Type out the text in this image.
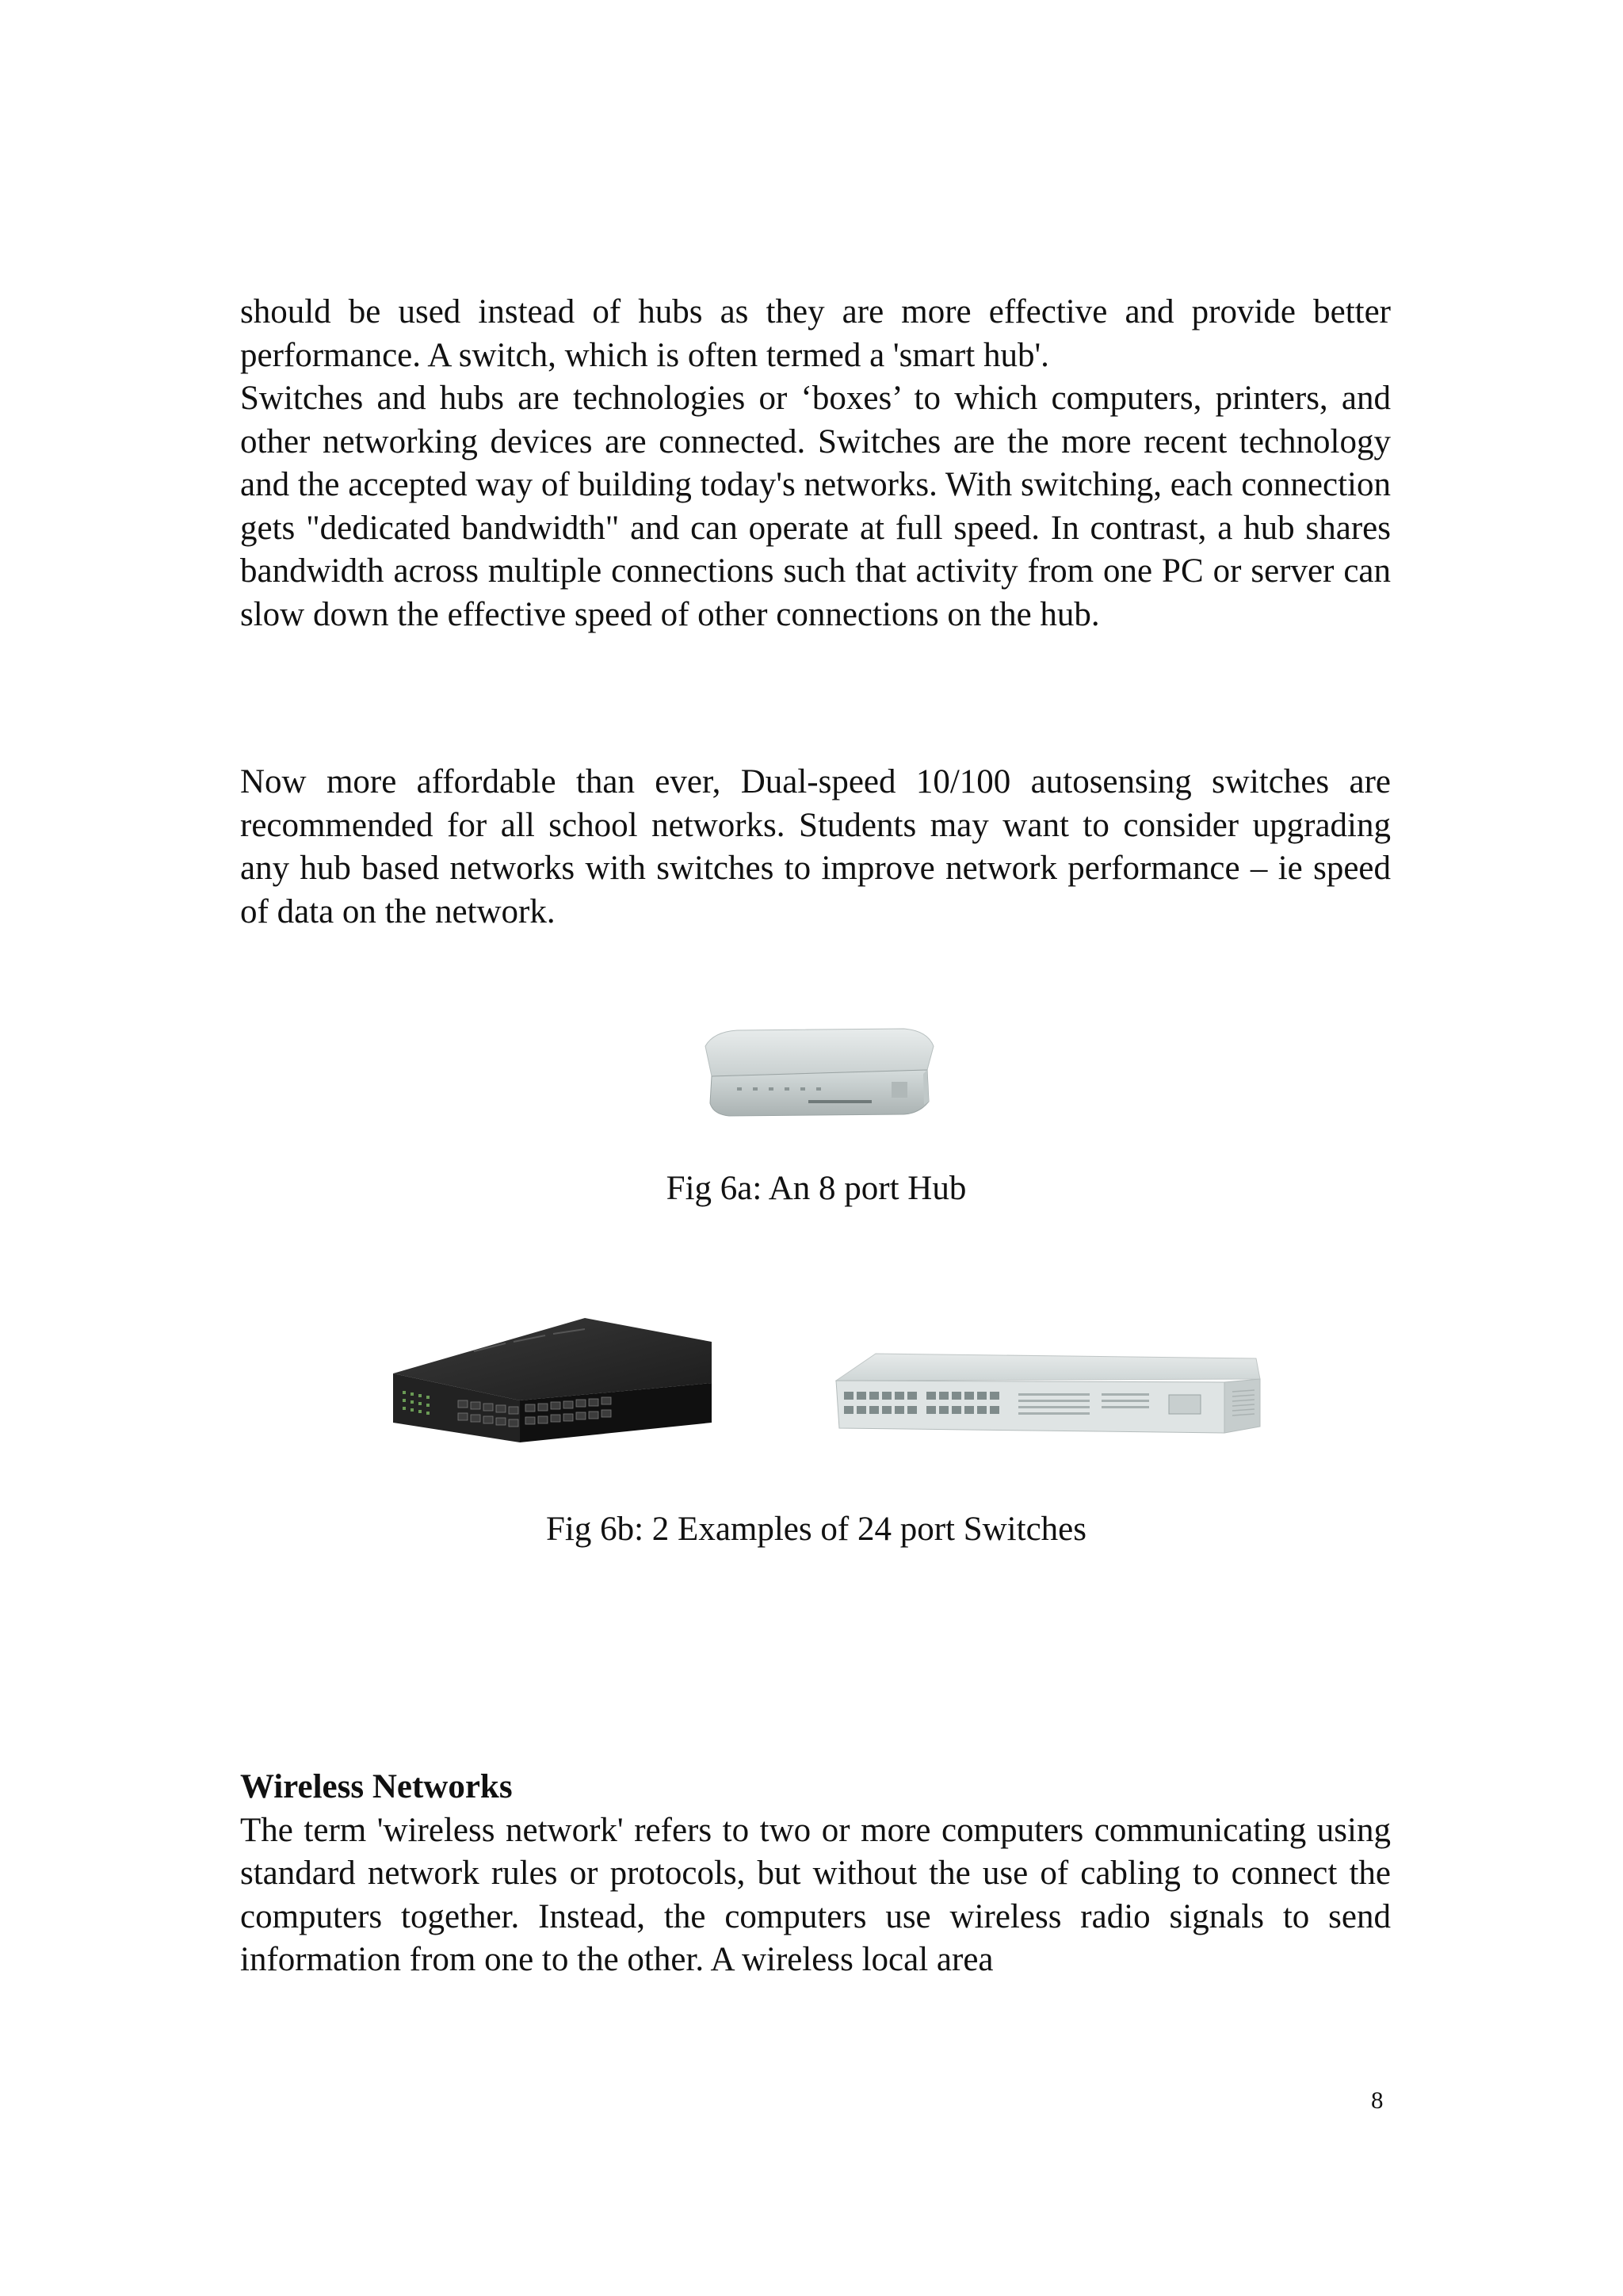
should be used instead of hubs as they are more effective and provide better performance. A switch, which is often termed a 'smart hub'.
Switches and hubs are technologies or ‘boxes’ to which computers, printers, and other networking devices are connected. Switches are the more recent technology and the accepted way of building today's networks. With switching, each connection gets "dedicated bandwidth" and can operate at full speed. In contrast, a hub shares bandwidth across multiple connections such that activity from one PC or server can slow down the effective speed of other connections on the hub.

Now more affordable than ever, Dual-speed 10/100 autosensing switches are recommended for all school networks. Students may want to consider upgrading any hub based networks with switches to improve network performance – ie speed of data on the network.

Fig 6a: An 8 port Hub
Fig 6b: 2 Examples of 24 port Switches
Wireless Networks
The term 'wireless network' refers to two or more computers communicating using standard network rules or protocols, but without the use of cabling to connect the computers together. Instead, the computers use wireless radio signals to send information from one to the other. A wireless local area
8
